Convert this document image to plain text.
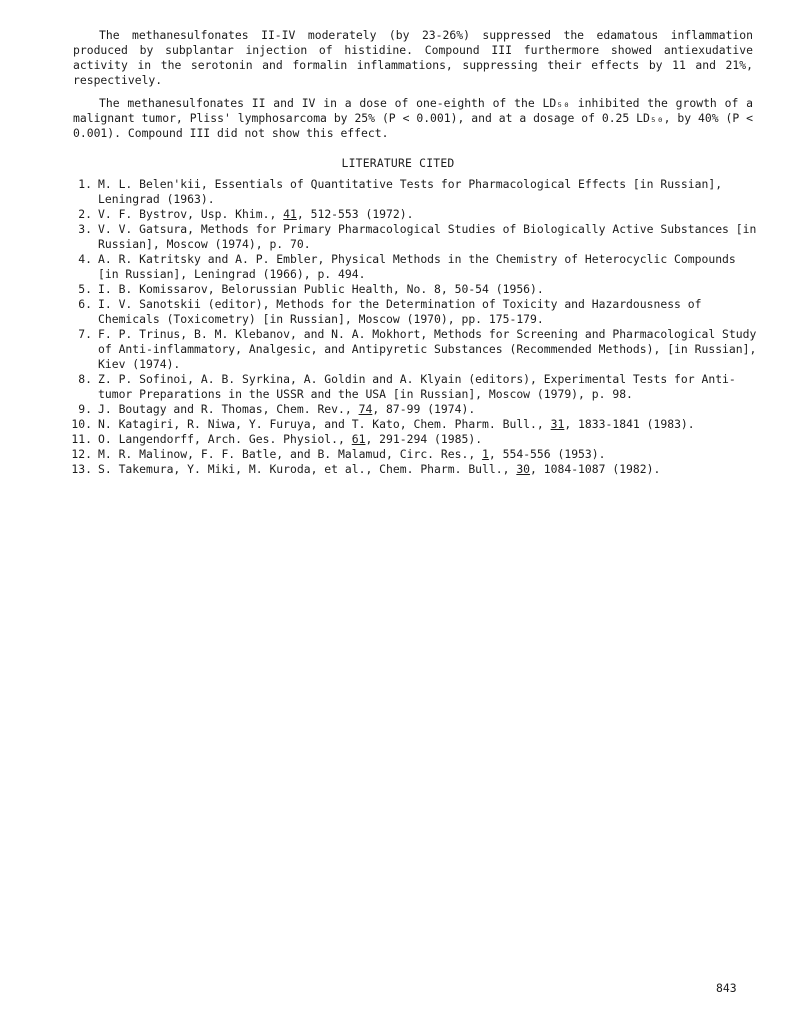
The methanesulfonates II-IV moderately (by 23-26%) suppressed the edamatous inflammation produced by subplantar injection of histidine. Compound III furthermore showed antiexudative activity in the serotonin and formalin inflammations, suppressing their effects by 11 and 21%, respectively.

The methanesulfonates II and IV in a dose of one-eighth of the LD₅₀ inhibited the growth of a malignant tumor, Pliss' lymphosarcoma by 25% (P < 0.001), and at a dosage of 0.25 LD₅₀, by 40% (P < 0.001). Compound III did not show this effect.

LITERATURE CITED
1. M. L. Belen'kii, Essentials of Quantitative Tests for Pharmacological Effects [in Russian], Leningrad (1963).
2. V. F. Bystrov, Usp. Khim., 41, 512-553 (1972).
3. V. V. Gatsura, Methods for Primary Pharmacological Studies of Biologically Active Substances [in Russian], Moscow (1974), p. 70.
4. A. R. Katritsky and A. P. Embler, Physical Methods in the Chemistry of Heterocyclic Compounds [in Russian], Leningrad (1966), p. 494.
5. I. B. Komissarov, Belorussian Public Health, No. 8, 50-54 (1956).
6. I. V. Sanotskii (editor), Methods for the Determination of Toxicity and Hazardousness of Chemicals (Toxicometry) [in Russian], Moscow (1970), pp. 175-179.
7. F. P. Trinus, B. M. Klebanov, and N. A. Mokhort, Methods for Screening and Pharmacological Study of Anti-inflammatory, Analgesic, and Antipyretic Substances (Recommended Methods), [in Russian], Kiev (1974).
8. Z. P. Sofinoi, A. B. Syrkina, A. Goldin and A. Klyain (editors), Experimental Tests for Anti-tumor Preparations in the USSR and the USA [in Russian], Moscow (1979), p. 98.
9. J. Boutagy and R. Thomas, Chem. Rev., 74, 87-99 (1974).
10. N. Katagiri, R. Niwa, Y. Furuya, and T. Kato, Chem. Pharm. Bull., 31, 1833-1841 (1983).
11. O. Langendorff, Arch. Ges. Physiol., 61, 291-294 (1985).
12. M. R. Malinow, F. F. Batle, and B. Malamud, Circ. Res., 1, 554-556 (1953).
13. S. Takemura, Y. Miki, M. Kuroda, et al., Chem. Pharm. Bull., 30, 1084-1087 (1982).
843
